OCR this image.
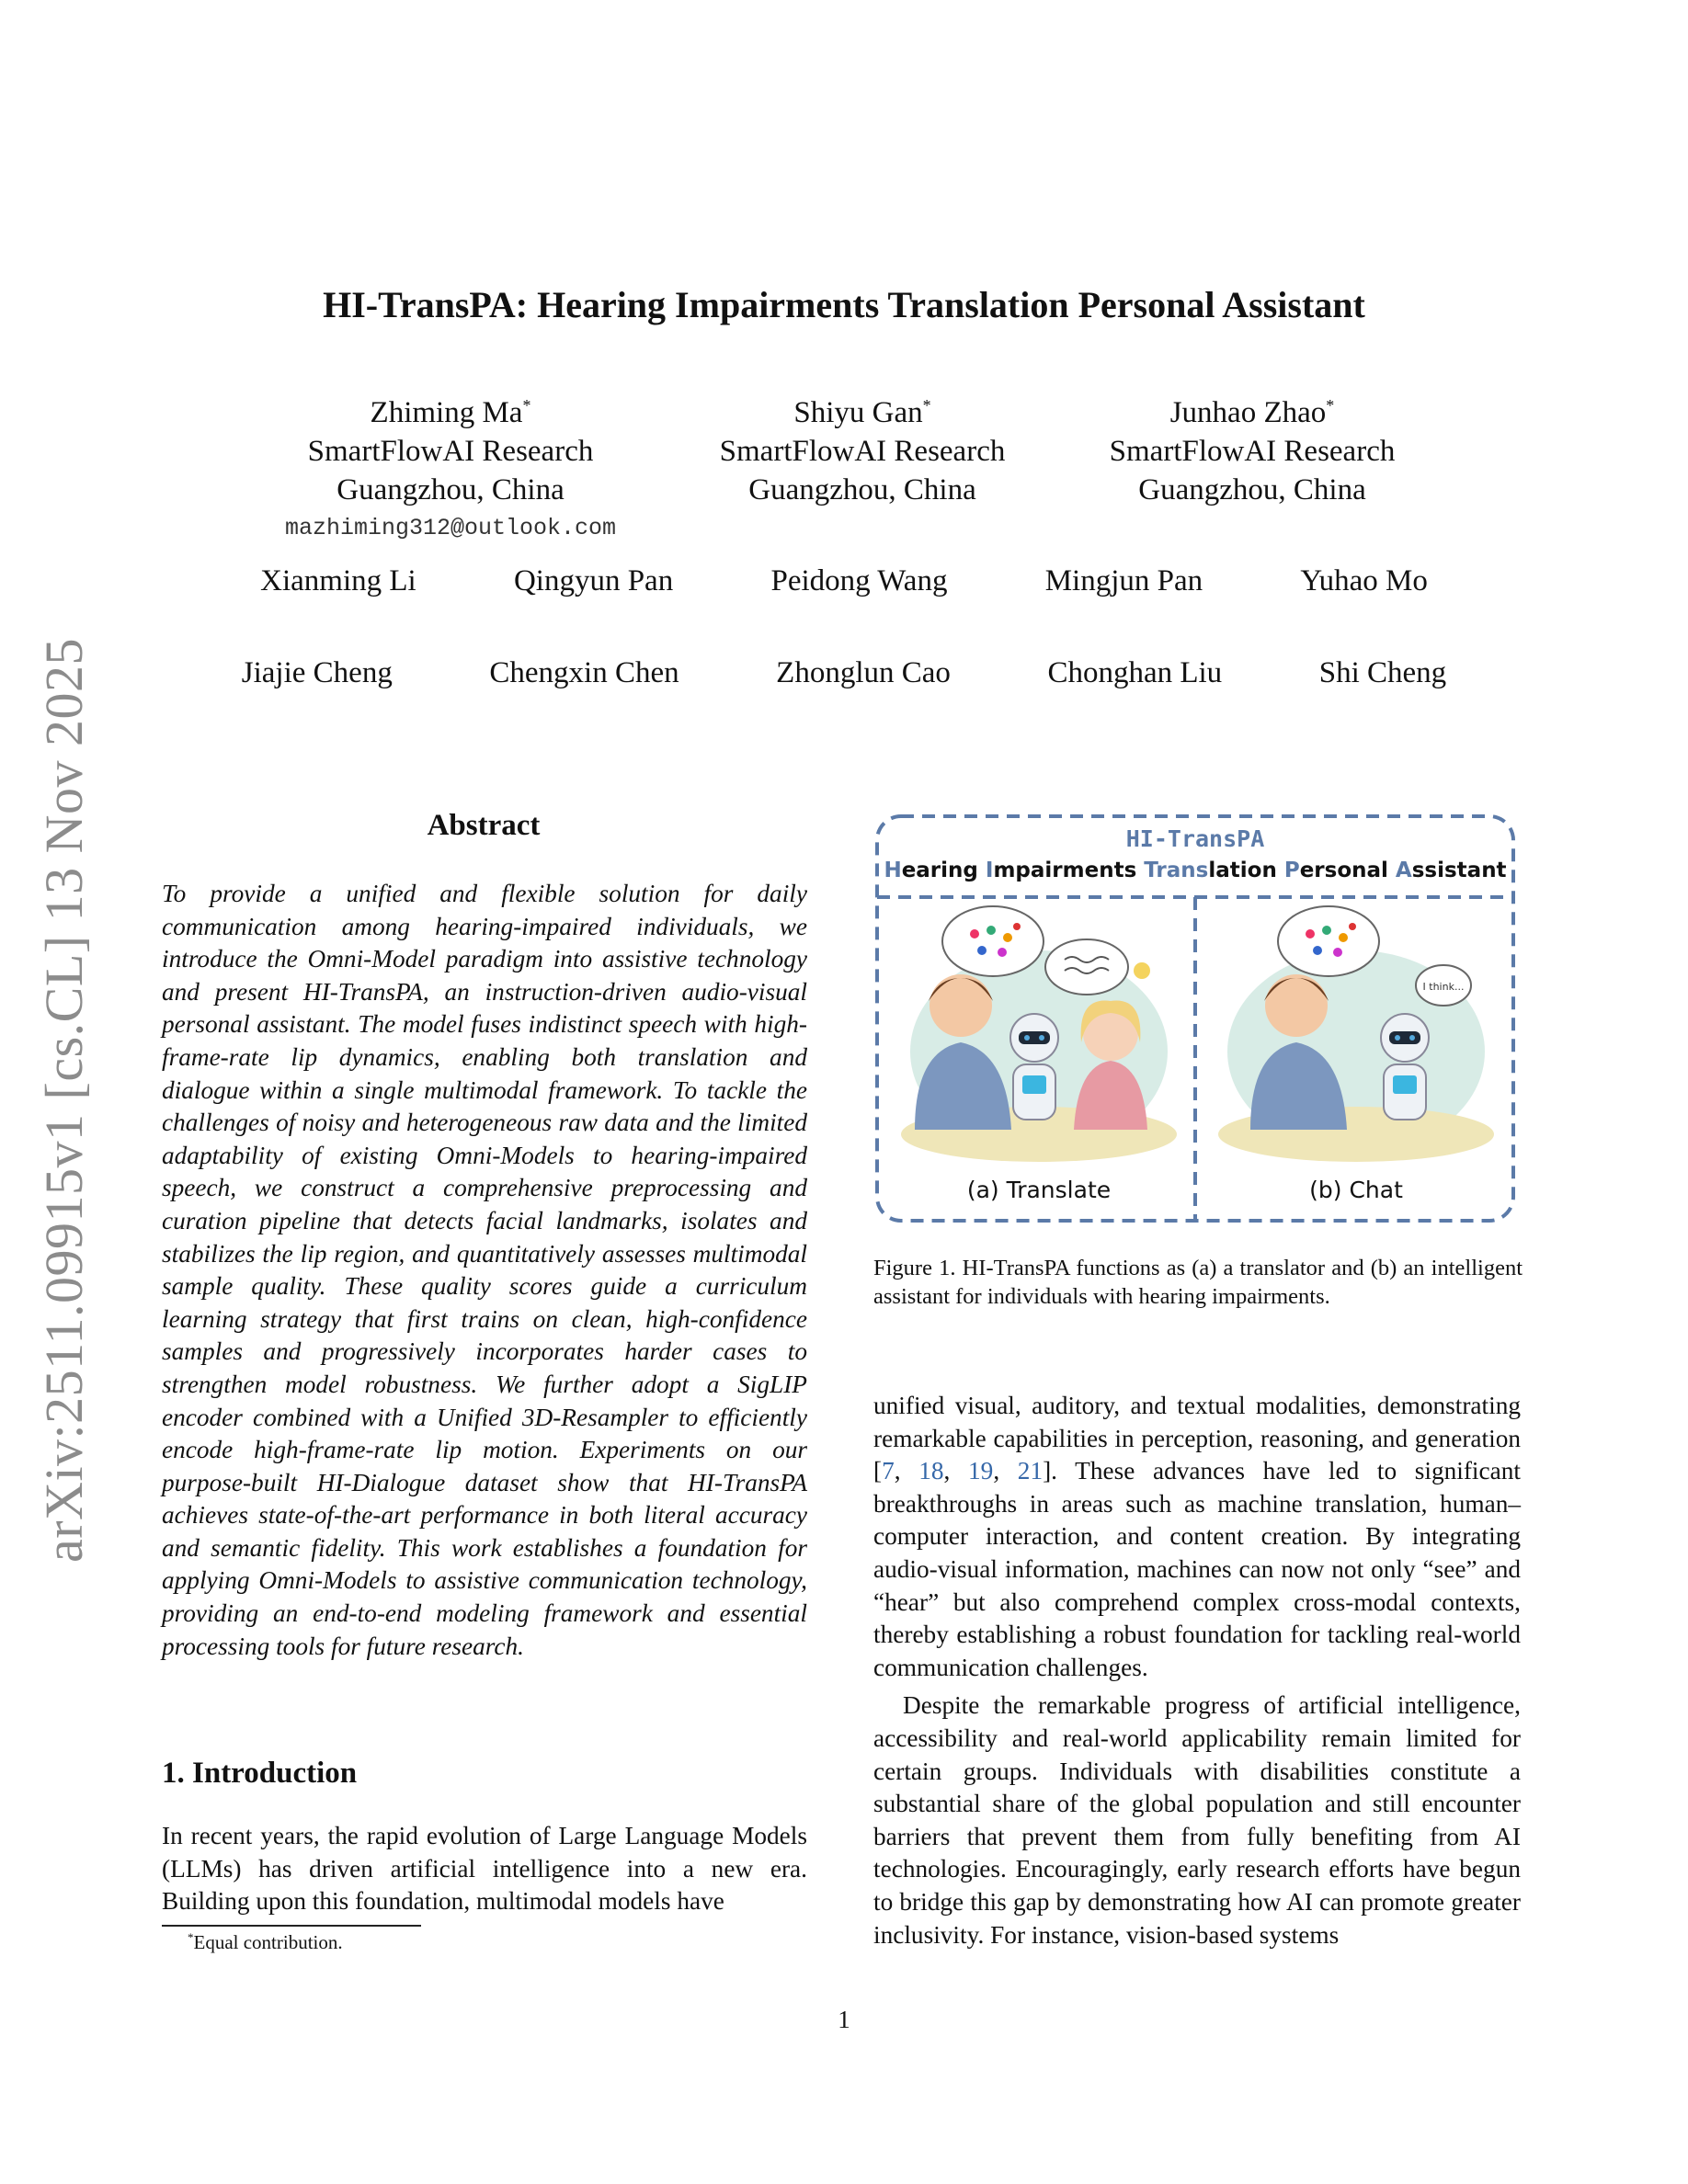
arXiv:2511.09915v1 [cs.CL] 13 Nov 2025
HI-TransPA: Hearing Impairments Translation Personal Assistant
Zhiming Ma*
SmartFlowAI Research
Guangzhou, China
mazhiming312@outlook.com
Shiyu Gan*
SmartFlowAI Research
Guangzhou, China
Junhao Zhao*
SmartFlowAI Research
Guangzhou, China
Xianming Li	Qingyun Pan	Peidong Wang	Mingjun Pan	Yuhao Mo
Jiajie Cheng	Chengxin Chen	Zhonglun Cao	Chonghan Liu	Shi Cheng
Abstract
To provide a unified and flexible solution for daily communication among hearing-impaired individuals, we introduce the Omni-Model paradigm into assistive technology and present HI-TransPA, an instruction-driven audio-visual personal assistant. The model fuses indistinct speech with high-frame-rate lip dynamics, enabling both translation and dialogue within a single multimodal framework. To tackle the challenges of noisy and heterogeneous raw data and the limited adaptability of existing Omni-Models to hearing-impaired speech, we construct a comprehensive preprocessing and curation pipeline that detects facial landmarks, isolates and stabilizes the lip region, and quantitatively assesses multimodal sample quality. These quality scores guide a curriculum learning strategy that first trains on clean, high-confidence samples and progressively incorporates harder cases to strengthen model robustness. We further adopt a SigLIP encoder combined with a Unified 3D-Resampler to efficiently encode high-frame-rate lip motion. Experiments on our purpose-built HI-Dialogue dataset show that HI-TransPA achieves state-of-the-art performance in both literal accuracy and semantic fidelity. This work establishes a foundation for applying Omni-Models to assistive communication technology, providing an end-to-end modeling framework and essential processing tools for future research.
1. Introduction
In recent years, the rapid evolution of Large Language Models (LLMs) has driven artificial intelligence into a new era. Building upon this foundation, multimodal models have
*Equal contribution.
I think...
HI-TransPA
Hearing Impairments Translation Personal Assistant
(a) Translate	(b) Chat
Figure 1. HI-TransPA functions as (a) a translator and (b) an intelligent assistant for individuals with hearing impairments.

unified visual, auditory, and textual modalities, demonstrating remarkable capabilities in perception, reasoning, and generation [7, 18, 19, 21]. These advances have led to significant breakthroughs in areas such as machine translation, human–computer interaction, and content creation. By integrating audio-visual information, machines can now not only “see” and “hear” but also comprehend complex cross-modal contexts, thereby establishing a robust foundation for tackling real-world communication challenges.

Despite the remarkable progress of artificial intelligence, accessibility and real-world applicability remain limited for certain groups. Individuals with disabilities constitute a substantial share of the global population and still encounter barriers that prevent them from fully benefiting from AI technologies. Encouragingly, early research efforts have begun to bridge this gap by demonstrating how AI can promote greater inclusivity. For instance, vision-based systems

1
